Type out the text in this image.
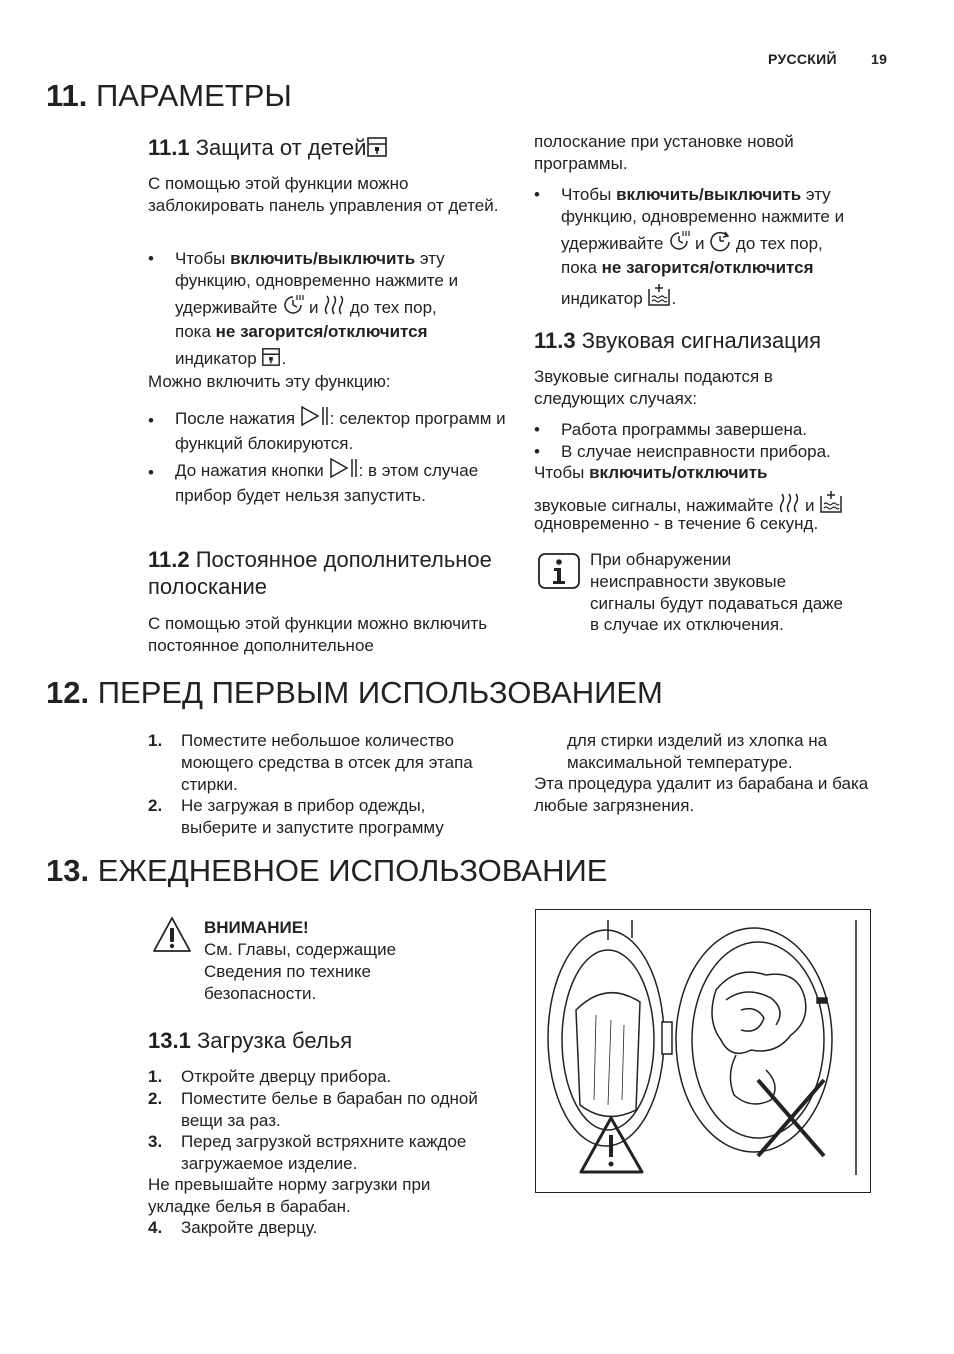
РУССКИЙ 19
11. ПАРАМЕТРЫ
11.1 Защита от детей
С помощью этой функции можно заблокировать панель управления от детей.
• Чтобы включить/выключить эту функцию, одновременно нажмите и
удерживайте и до тех пор,
пока не загорится/отключится
индикатор .
Можно включить эту функцию:
• После нажатия : селектор программ и функций блокируются.
• До нажатия кнопки : в этом случае прибор будет нельзя запустить.
11.2 Постоянное дополнительное полоскание
С помощью этой функции можно включить постоянное дополнительное
полоскание при установке новой программы.
• Чтобы включить/выключить эту функцию, одновременно нажмите и
удерживайте и до тех пор,
пока не загорится/отключится
индикатор .
11.3 Звуковая сигнализация
Звуковые сигналы подаются в следующих случаях:
• Работа программы завершена.
• В случае неисправности прибора.
Чтобы включить/отключить
звуковые сигналы, нажимайте и
одновременно - в течение 6 секунд.
При обнаружении неисправности звуковые сигналы будут подаваться даже в случае их отключения.
12. ПЕРЕД ПЕРВЫМ ИСПОЛЬЗОВАНИЕМ
1. Поместите небольшое количество моющего средства в отсек для этапа стирки.
2. Не загружая в прибор одежды, выберите и запустите программу
для стирки изделий из хлопка на максимальной температуре.
Эта процедура удалит из барабана и бака любые загрязнения.
13. ЕЖЕДНЕВНОЕ ИСПОЛЬЗОВАНИЕ
ВНИМАНИЕ!
См. Главы, содержащие Сведения по технике безопасности.
13.1 Загрузка белья
1. Откройте дверцу прибора.
2. Поместите белье в барабан по одной вещи за раз.
3. Перед загрузкой встряхните каждое загружаемое изделие.
Не превышайте норму загрузки при укладке белья в барабан.
4. Закройте дверцу.
